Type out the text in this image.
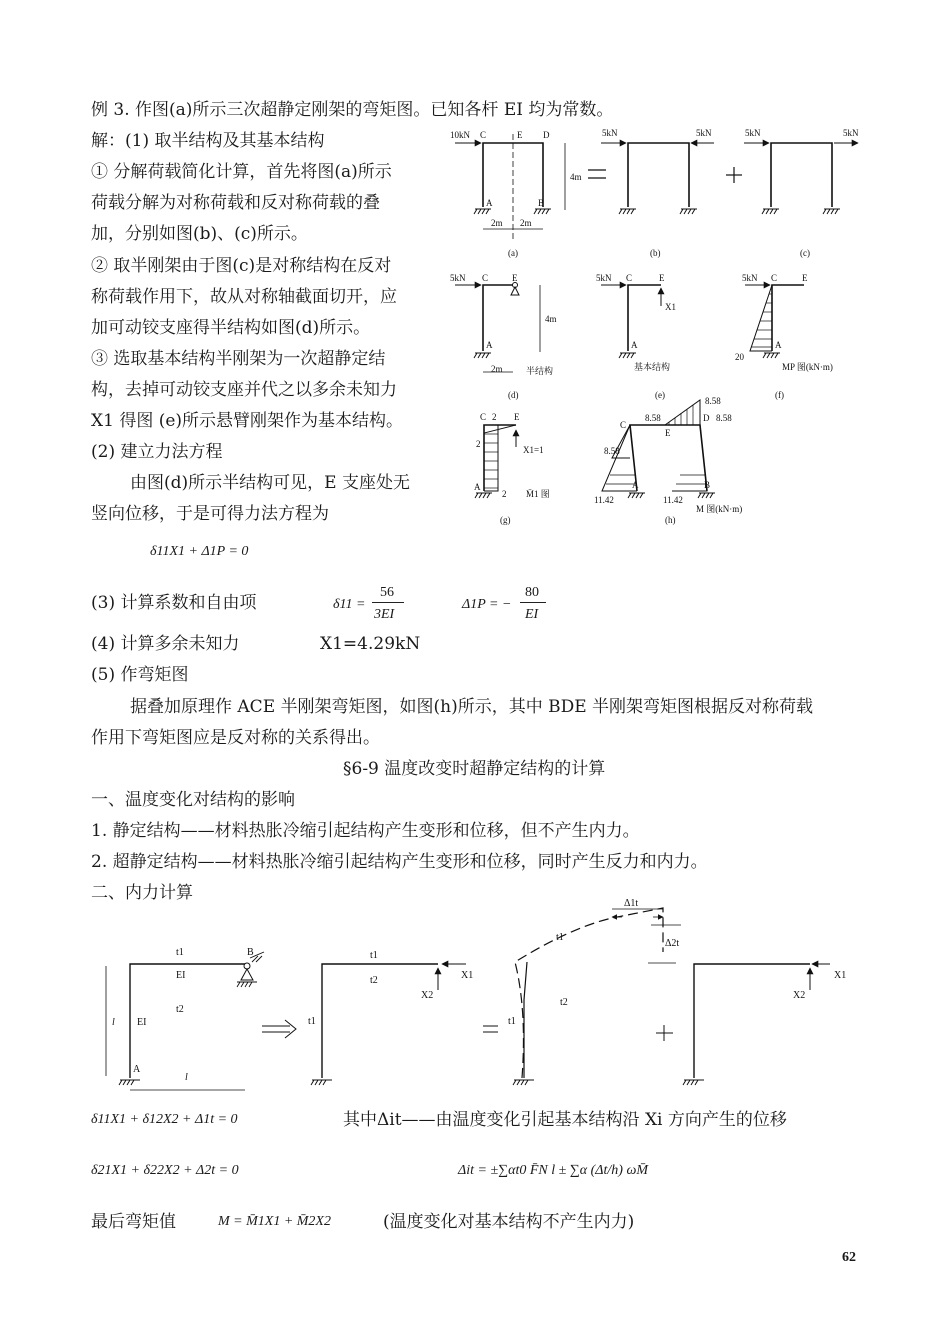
例 3. 作图(a)所示三次超静定刚架的弯矩图。已知各杆 EI 均为常数。
解：(1) 取半结构及其基本结构
① 分解荷载简化计算，首先将图(a)所示
荷载分解为对称荷载和反对称荷载的叠
加，分别如图(b)、(c)所示。
② 取半刚架由于图(c)是对称结构在反对
称荷载作用下，故从对称轴截面切开，应
加可动铰支座得半结构如图(d)所示。
③ 选取基本结构半刚架为一次超静定结
构，去掉可动铰支座并代之以多余未知力
X1 得图 (e)所示悬臂刚架作为基本结构。
(2) 建立力法方程
由图(d)所示半结构可见，E 支座处无
竖向位移，于是可得力法方程为
δ11X1 + Δ1P = 0
(3) 计算系数和自由项	δ11 =
56
3EI
Δ1P = −
80
EI
(4) 计算多余未知力	X1=4.29kN
(5) 作弯矩图
据叠加原理作 ACE 半刚架弯矩图，如图(h)所示，其中 BDE 半刚架弯矩图根据反对称荷载
作用下弯矩图应是反对称的关系得出。
§6-9 温度改变时超静定结构的计算
一、温度变化对结构的影响
1. 静定结构——材料热胀冷缩引起结构产生变形和位移，但不产生内力。
2. 超静定结构——材料热胀冷缩引起结构产生变形和位移，同时产生反力和内力。
二、内力计算
10kN C	E D
4m
A	B
2m 2m
(a)
5kN	5kN
(b)
5kN	5kN
(c)
5kN C	E
4m
A
2m	半结构
(d)
5kN C	E
X1
A
基本结构
(e)
5kN C	E
A
20
MP 图(kN·m)
(f)
C 2 E
2
X1=1
A
2 M̄1 图
(g)
8.58
C
8.58	D 8.58
E
8.58
A	B
11.42	11.42
M 图(kN·m)
(h)
t1	B
EI
t2
EI
l
A
l
t1
t2
t1
X1
X2
Δ1t
Δ2t
t1
t2
t1
X1
X2
δ11X1 + δ12X2 + Δ1t = 0	其中Δit——由温度变化引起基本结构沿 Xi 方向产生的位移
δ21X1 + δ22X2 + Δ2t = 0	Δit = ±∑αt0 F̄N l ± ∑α (Δt/h) ωM̄
最后弯矩值	M = M̄1X1 + M̄2X2	(温度变化对基本结构不产生内力)
62
